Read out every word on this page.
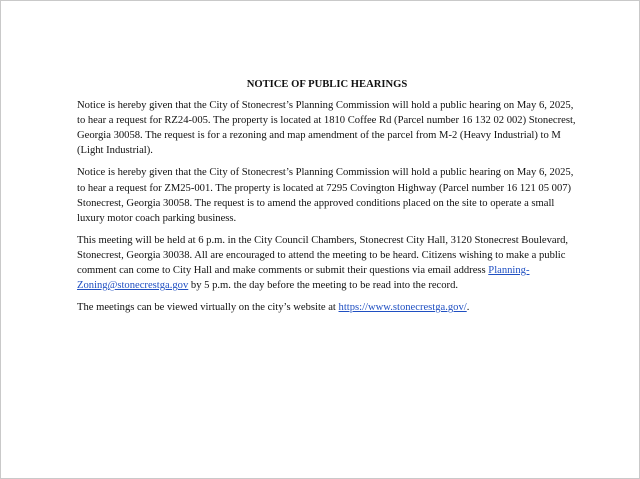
NOTICE OF PUBLIC HEARINGS

Notice is hereby given that the City of Stonecrest’s Planning Commission will hold a public hearing on May 6, 2025, to hear a request for RZ24-005. The property is located at 1810 Coffee Rd (Parcel number 16 132 02 002) Stonecrest, Georgia 30058. The request is for a rezoning and map amendment of the parcel from M-2 (Heavy Industrial) to M (Light Industrial).

Notice is hereby given that the City of Stonecrest’s Planning Commission will hold a public hearing on May 6, 2025, to hear a request for ZM25-001. The property is located at 7295 Covington Highway (Parcel number 16 121 05 007) Stonecrest, Georgia 30058. The request is to amend the approved conditions placed on the site to operate a small luxury motor coach parking business.

This meeting will be held at 6 p.m. in the City Council Chambers, Stonecrest City Hall, 3120 Stonecrest Boulevard, Stonecrest, Georgia 30038. All are encouraged to attend the meeting to be heard. Citizens wishing to make a public comment can come to City Hall and make comments or submit their questions via email address Planning-Zoning@stonecrestga.gov by 5 p.m. the day before the meeting to be read into the record.

The meetings can be viewed virtually on the city’s website at https://www.stonecrestga.gov/.
